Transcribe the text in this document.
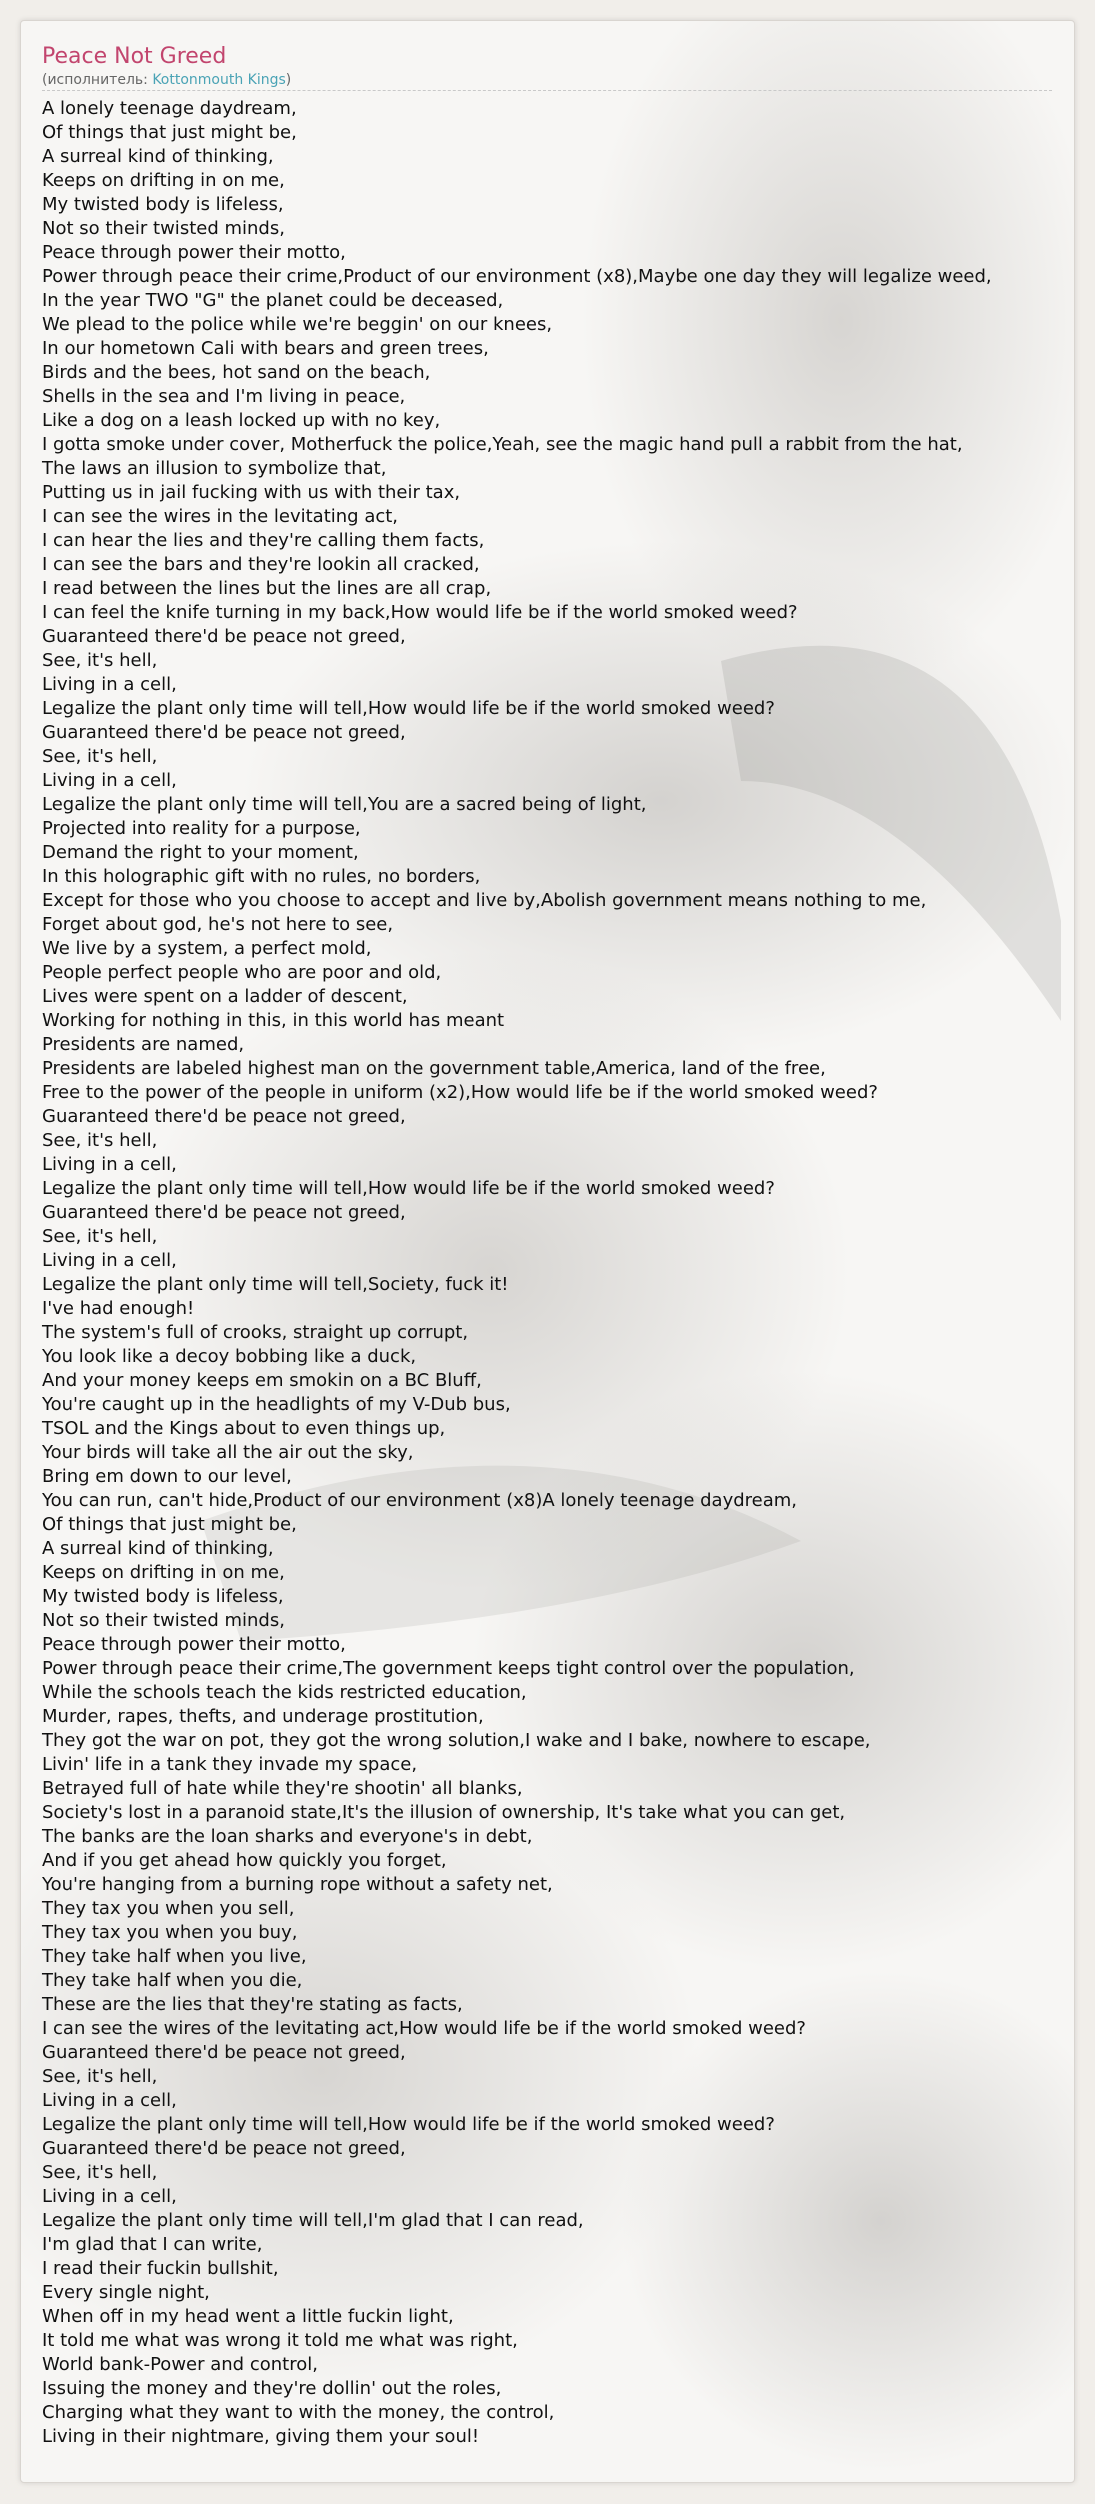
Peace Not Greed
(исполнитель: Kottonmouth Kings)
A lonely teenage daydream,
Of things that just might be,
A surreal kind of thinking,
Keeps on drifting in on me,
My twisted body is lifeless,
Not so their twisted minds,
Peace through power their motto,
Power through peace their crime,Product of our environment (x8),Maybe one day they will legalize weed,
In the year TWO "G" the planet could be deceased,
We plead to the police while we're beggin' on our knees,
In our hometown Cali with bears and green trees,
Birds and the bees, hot sand on the beach,
Shells in the sea and I'm living in peace,
Like a dog on a leash locked up with no key,
I gotta smoke under cover, Motherfuck the police,Yeah, see the magic hand pull a rabbit from the hat,
The laws an illusion to symbolize that,
Putting us in jail fucking with us with their tax,
I can see the wires in the levitating act,
I can hear the lies and they're calling them facts,
I can see the bars and they're lookin all cracked,
I read between the lines but the lines are all crap,
I can feel the knife turning in my back,How would life be if the world smoked weed?
Guaranteed there'd be peace not greed,
See, it's hell,
Living in a cell,
Legalize the plant only time will tell,How would life be if the world smoked weed?
Guaranteed there'd be peace not greed,
See, it's hell,
Living in a cell,
Legalize the plant only time will tell,You are a sacred being of light,
Projected into reality for a purpose,
Demand the right to your moment,
In this holographic gift with no rules, no borders,
Except for those who you choose to accept and live by,Abolish government means nothing to me,
Forget about god, he's not here to see,
We live by a system, a perfect mold,
People perfect people who are poor and old,
Lives were spent on a ladder of descent,
Working for nothing in this, in this world has meant
Presidents are named,
Presidents are labeled highest man on the government table,America, land of the free,
Free to the power of the people in uniform (x2),How would life be if the world smoked weed?
Guaranteed there'd be peace not greed,
See, it's hell,
Living in a cell,
Legalize the plant only time will tell,How would life be if the world smoked weed?
Guaranteed there'd be peace not greed,
See, it's hell,
Living in a cell,
Legalize the plant only time will tell,Society, fuck it!
I've had enough!
The system's full of crooks, straight up corrupt,
You look like a decoy bobbing like a duck,
And your money keeps em smokin on a BC Bluff,
You're caught up in the headlights of my V-Dub bus,
TSOL and the Kings about to even things up,
Your birds will take all the air out the sky,
Bring em down to our level,
You can run, can't hide,Product of our environment (x8)A lonely teenage daydream,
Of things that just might be,
A surreal kind of thinking,
Keeps on drifting in on me,
My twisted body is lifeless,
Not so their twisted minds,
Peace through power their motto,
Power through peace their crime,The government keeps tight control over the population,
While the schools teach the kids restricted education,
Murder, rapes, thefts, and underage prostitution,
They got the war on pot, they got the wrong solution,I wake and I bake, nowhere to escape,
Livin' life in a tank they invade my space,
Betrayed full of hate while they're shootin' all blanks,
Society's lost in a paranoid state,It's the illusion of ownership, It's take what you can get,
The banks are the loan sharks and everyone's in debt,
And if you get ahead how quickly you forget,
You're hanging from a burning rope without a safety net,
They tax you when you sell,
They tax you when you buy,
They take half when you live,
They take half when you die,
These are the lies that they're stating as facts,
I can see the wires of the levitating act,How would life be if the world smoked weed?
Guaranteed there'd be peace not greed,
See, it's hell,
Living in a cell,
Legalize the plant only time will tell,How would life be if the world smoked weed?
Guaranteed there'd be peace not greed,
See, it's hell,
Living in a cell,
Legalize the plant only time will tell,I'm glad that I can read,
I'm glad that I can write,
I read their fuckin bullshit,
Every single night,
When off in my head went a little fuckin light,
It told me what was wrong it told me what was right,
World bank-Power and control,
Issuing the money and they're dollin' out the roles,
Charging what they want to with the money, the control,
Living in their nightmare, giving them your soul!
